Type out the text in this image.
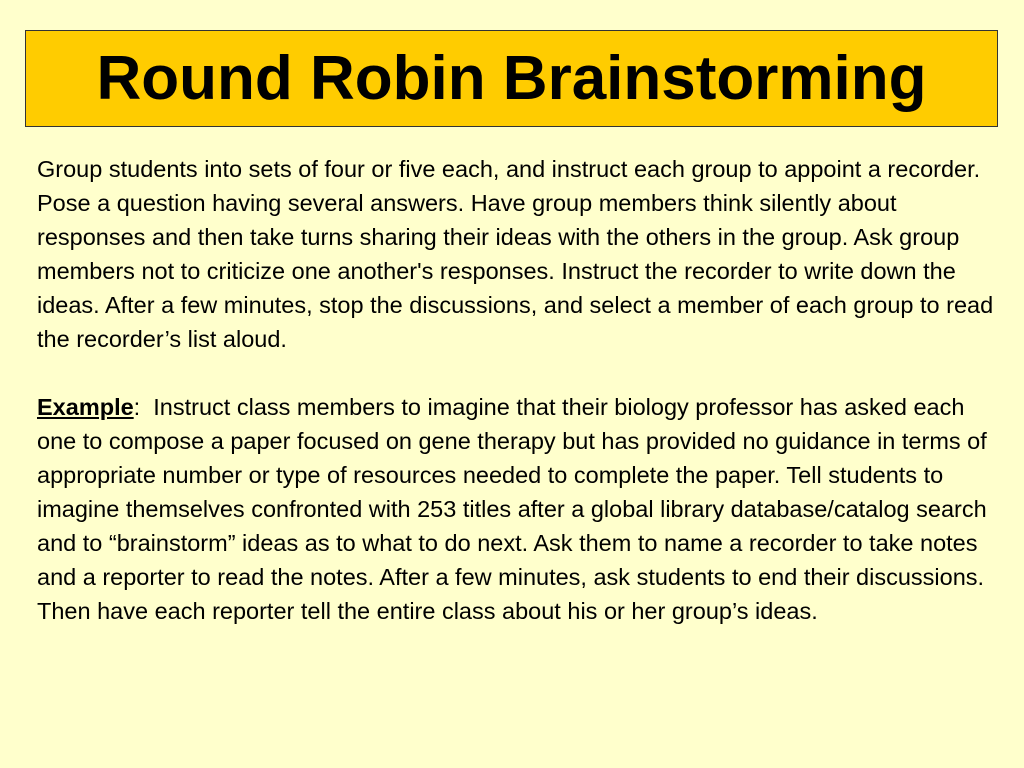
Round Robin Brainstorming

Group students into sets of four or five each, and instruct each group to appoint a recorder. Pose a question having several answers. Have group members think silently about responses and then take turns sharing their ideas with the others in the group. Ask group members not to criticize one another's responses. Instruct the recorder to write down the ideas. After a few minutes, stop the discussions, and select a member of each group to read the recorder’s list aloud.

Example:  Instruct class members to imagine that their biology professor has asked each one to compose a paper focused on gene therapy but has provided no guidance in terms of appropriate number or type of resources needed to complete the paper. Tell students to imagine themselves confronted with 253 titles after a global library database/catalog search and to “brainstorm” ideas as to what to do next. Ask them to name a recorder to take notes and a reporter to read the notes. After a few minutes, ask students to end their discussions. Then have each reporter tell the entire class about his or her group’s ideas.
